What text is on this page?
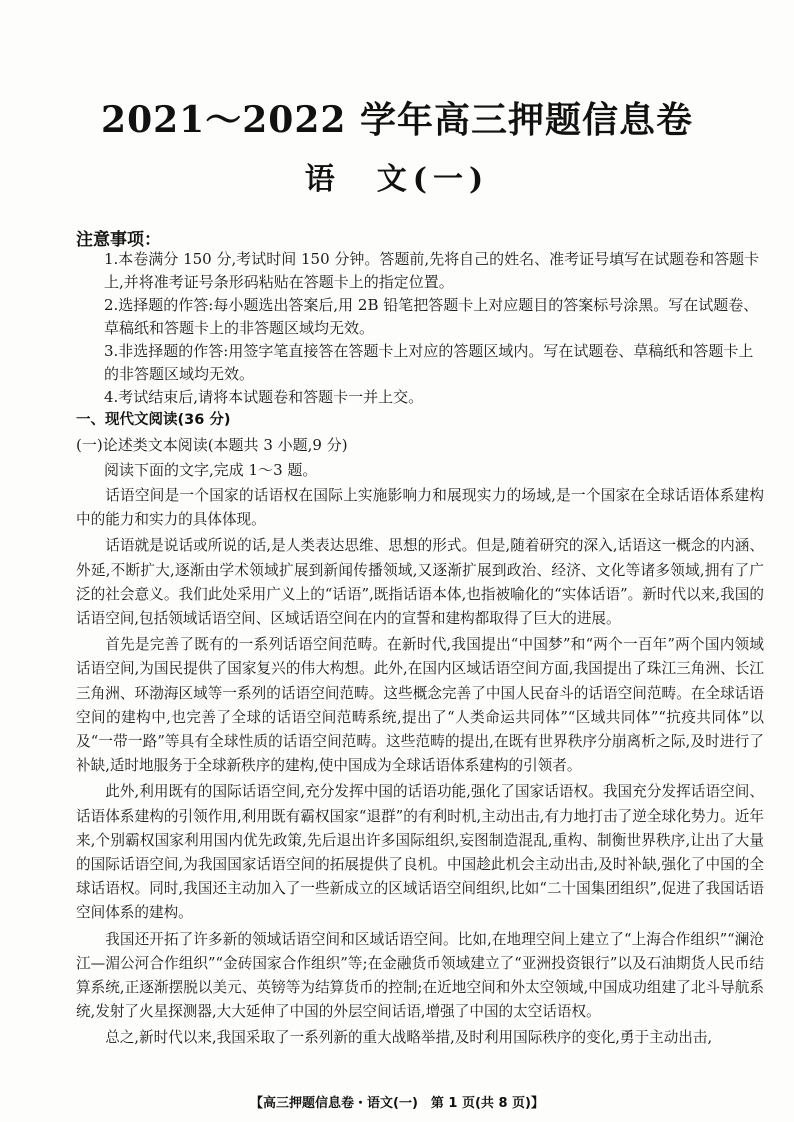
2021～2022 学年高三押题信息卷
语　文(一)
注意事项：

1.本卷满分 150 分,考试时间 150 分钟。答题前,先将自己的姓名、准考证号填写在试题卷和答题卡上,并将准考证号条形码粘贴在答题卡上的指定位置。

2.选择题的作答:每小题选出答案后,用 2B 铅笔把答题卡上对应题目的答案标号涂黑。写在试题卷、草稿纸和答题卡上的非答题区域均无效。

3.非选择题的作答:用签字笔直接答在答题卡上对应的答题区域内。写在试题卷、草稿纸和答题卡上的非答题区域均无效。

4.考试结束后,请将本试题卷和答题卡一并上交。

一、现代文阅读(36 分)
(一)论述类文本阅读(本题共 3 小题,9 分)
阅读下面的文字,完成 1～3 题。

话语空间是一个国家的话语权在国际上实施影响力和展现实力的场域,是一个国家在全球话语体系建构中的能力和实力的具体体现。

话语就是说话或所说的话,是人类表达思维、思想的形式。但是,随着研究的深入,话语这一概念的内涵、外延,不断扩大,逐渐由学术领域扩展到新闻传播领域,又逐渐扩展到政治、经济、文化等诸多领域,拥有了广泛的社会意义。我们此处采用广义上的“话语”,既指话语本体,也指被喻化的“实体话语”。新时代以来,我国的话语空间,包括领域话语空间、区域话语空间在内的宣誓和建构都取得了巨大的进展。

首先是完善了既有的一系列话语空间范畴。在新时代,我国提出“中国梦”和“两个一百年”两个国内领域话语空间,为国民提供了国家复兴的伟大构想。此外,在国内区域话语空间方面,我国提出了珠江三角洲、长江三角洲、环渤海区域等一系列的话语空间范畴。这些概念完善了中国人民奋斗的话语空间范畴。在全球话语空间的建构中,也完善了全球的话语空间范畴系统,提出了“人类命运共同体”“区域共同体”“抗疫共同体”以及“一带一路”等具有全球性质的话语空间范畴。这些范畴的提出,在既有世界秩序分崩离析之际,及时进行了补缺,适时地服务于全球新秩序的建构,使中国成为全球话语体系建构的引领者。

此外,利用既有的国际话语空间,充分发挥中国的话语功能,强化了国家话语权。我国充分发挥话语空间、话语体系建构的引领作用,利用既有霸权国家“退群”的有利时机,主动出击,有力地打击了逆全球化势力。近年来,个别霸权国家利用国内优先政策,先后退出许多国际组织,妄图制造混乱,重构、制衡世界秩序,让出了大量的国际话语空间,为我国国家话语空间的拓展提供了良机。中国趁此机会主动出击,及时补缺,强化了中国的全球话语权。同时,我国还主动加入了一些新成立的区域话语空间组织,比如“二十国集团组织”,促进了我国话语空间体系的建构。

我国还开拓了许多新的领域话语空间和区域话语空间。比如,在地理空间上建立了“上海合作组织”“澜沧江—湄公河合作组织”“金砖国家合作组织”等;在金融货币领域建立了“亚洲投资银行”以及石油期货人民币结算系统,正逐渐摆脱以美元、英镑等为结算货币的控制;在近地空间和外太空领域,中国成功组建了北斗导航系统,发射了火星探测器,大大延伸了中国的外层空间话语,增强了中国的太空话语权。

总之,新时代以来,我国采取了一系列新的重大战略举措,及时利用国际秩序的变化,勇于主动出击,

【高三押题信息卷・语文(一)　第 1 页(共 8 页)】
